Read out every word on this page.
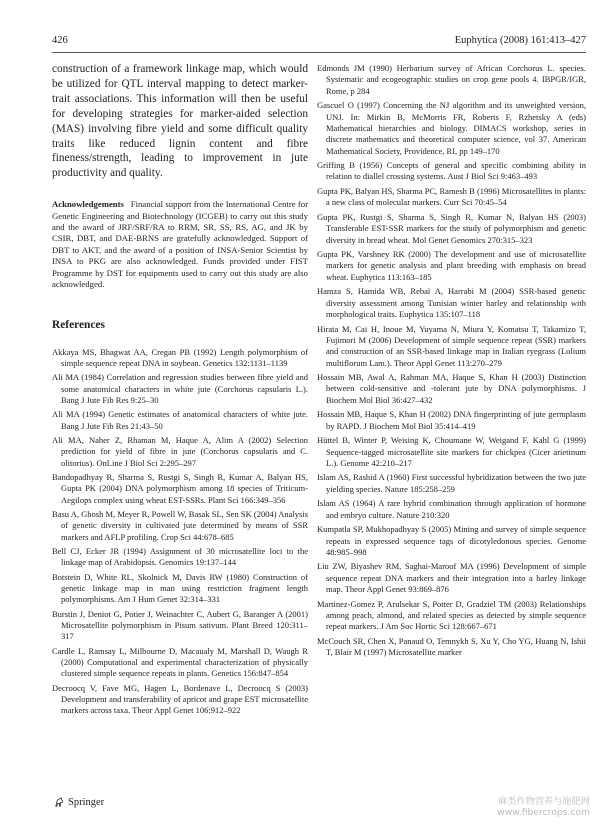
426	Euphytica (2008) 161:413–427

construction of a framework linkage map, which would be utilized for QTL interval mapping to detect marker-trait associations. This information will then be useful for developing strategies for marker-aided selection (MAS) involving fibre yield and some difficult quality traits like reduced lignin content and fibre fineness/strength, leading to improvement in jute productivity and quality.

Acknowledgements Financial support from the International Centre for Genetic Engineering and Biotechnology (ICGEB) to carry out this study and the award of JRF/SRF/RA to RRM, SR, SS, RS, AG, and JK by CSIR, DBT, and DAE-BRNS are gratefully acknowledged. Support of DBT to AKT, and the award of a position of INSA-Senior Scientist by INSA to PKG are also acknowledged. Funds provided under FIST Programme by DST for equipments used to carry out this study are also acknowledged.
References
Akkaya MS, Bhagwat AA, Cregan PB (1992) Length polymorphism of simple sequence repeat DNA in soybean. Genetics 132:1131–1139
Ali MA (1984) Correlation and regression studies between fibre yield and some anatomical characters in white jute (Corchorus capsularis L.). Bang J Jute Fib Res 9:25–30
Ali MA (1994) Genetic estimates of anatomical characters of white jute. Bang J Jute Fib Res 21:43–50
Ali MA, Naher Z, Rhaman M, Haque A, Alim A (2002) Selection prediction for yield of fibre in jute (Corchorus capsularis and C. olitorius). OnLine J Biol Sci 2:295–297
Bandopadhyay R, Sharma S, Rustgi S, Singh R, Kumar A, Balyan HS, Gupta PK (2004) DNA polymorphism among 18 species of Triticum-Aegilops complex using wheat EST-SSRs. Plant Sci 166:349–356
Basu A, Ghosh M, Meyer R, Powell W, Basak SL, Sen SK (2004) Analysis of genetic diversity in cultivated jute determined by means of SSR markers and AFLP profiling. Crop Sci 44:678–685
Bell CJ, Ecker JR (1994) Assignment of 30 microsatellite loci to the linkage map of Arabidopsis. Genomics 19:137–144
Botstein D, White RL, Skolnick M, Davis RW (1980) Construction of genetic linkage map in man using restriction fragment length polymorphisms. Am J Hum Genet 32:314–331
Burstin J, Deniot G, Potier J, Weinachter C, Aubert G, Baranger A (2001) Microsatellite polymorphism in Pisum sativum. Plant Breed 120:311–317
Cardle L, Ramsay L, Milbourne D, Macaualy M, Marshall D, Waugh R (2000) Computational and experimental characterization of physically clustered simple sequence repeats in plants. Genetics 156:847–854
Decroocq V, Fave MG, Hagen L, Bordenave L, Decroocq S (2003) Development and transferability of apricot and grape EST microsatellite markers across taxa. Theor Appl Genet 106:912–922
Edmonds JM (1990) Herbarium survey of African Corchorus L. species. Systematic and ecogeographic studies on crop gene pools 4. IBPGR/IGR, Rome, p 284
Gascuel O (1997) Concerning the NJ algorithm and its unweighted version, UNJ. In: Mirkin B, McMorris FR, Roberts F, Rzhetsky A (eds) Mathematical hierarchies and biology. DIMACS workshop, series in discrete mathematics and theoretical computer science, vol 37. American Mathematical Society, Providence, RI, pp 149–170
Griffing B (1956) Concepts of general and specific combining ability in relation to diallel crossing systems. Aust J Biol Sci 9:463–493
Gupta PK, Balyan HS, Sharma PC, Ramesh B (1996) Microsatellites in plants: a new class of molecular markers. Curr Sci 70:45–54
Gupta PK, Rustgi S, Sharma S, Singh R, Kumar N, Balyan HS (2003) Transferable EST-SSR markers for the study of polymorphism and genetic diversity in bread wheat. Mol Genet Genomics 270:315–323
Gupta PK, Varshney RK (2000) The development and use of microsatellite markers for genetic analysis and plant breeding with emphasis on bread wheat. Euphytica 113:163–185
Hamza S, Hamida WB, Rebaï A, Harrabi M (2004) SSR-based genetic diversity assessment among Tunisian winter barley and relationship with morphological traits. Euphytica 135:107–118
Hirata M, Cai H, Inoue M, Yuyama N, Miura Y, Komatsu T, Takamizo T, Fujimori M (2006) Development of simple sequence repeat (SSR) markers and construction of an SSR-based linkage map in Italian ryegrass (Lolium multiflorum Lam.). Theor Appl Genet 113:270–279
Hossain MB, Awal A, Rahman MA, Haque S, Khan H (2003) Distinction between cold-sensitive and -tolerant jute by DNA polymorphisms. J Biochem Mol Biol 36:427–432
Hossain MB, Haque S, Khan H (2002) DNA fingerprinting of jute germplasm by RAPD. J Biochem Mol Biol 35:414–419
Hüttel B, Winter P, Weising K, Choumane W, Weigand F, Kahl G (1999) Sequence-tagged microsatellite site markers for chickpea (Cicer arietinum L.). Genome 42:210–217
Islam AS, Rashid A (1960) First successful hybridization between the two jute yielding species. Nature 185:258–259
Islam AS (1964) A rare hybrid combination through application of hormone and embryo culture. Nature 210:320
Kumpatla SP, Mukhopadhyay S (2005) Mining and survey of simple sequence repeats in expressed sequence tags of dicotyledonous species. Genome 48:985–998
Liu ZW, Biyashev RM, Saghai-Maroof MA (1996) Development of simple sequence repeat DNA markers and their integration into a barley linkage map. Theor Appl Genet 93:869–876
Martinez-Gomez P, Arulsekar S, Potter D, Gradziel TM (2003) Relationships among peach, almond, and related species as detected by simple sequence repeat markers. J Am Soc Hortic Sci 128:667–671
McCouch SR, Chen X, Panaud O, Temnykh S, Xu Y, Cho YG, Huang N, Ishii T, Blair M (1997) Microsatellite marker
Springer	麻类作物营养与施肥网
www.fibercrops.com
